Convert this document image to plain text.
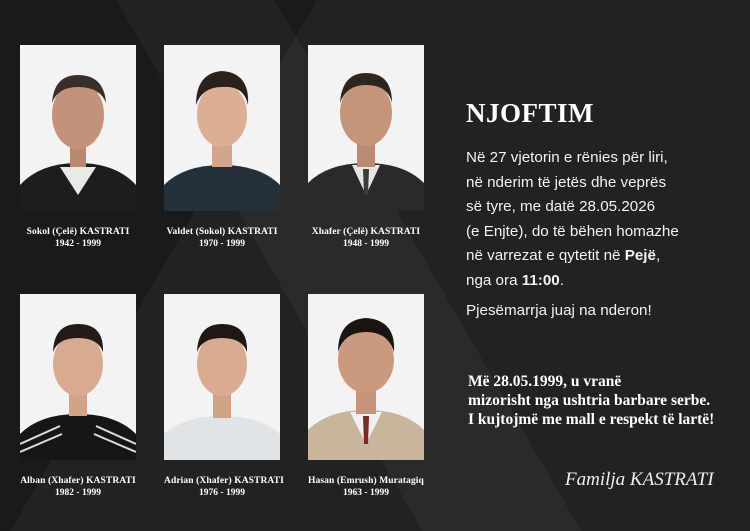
Sokol (Çelë) KASTRATI
1942 - 1999
Valdet (Sokol) KASTRATI
1970 - 1999
Xhafer (Çelë) KASTRATI
1948 - 1999
Alban (Xhafer) KASTRATI
1982 - 1999
Adrian (Xhafer) KASTRATI
1976 - 1999
Hasan (Emrush) Muratagiq
1963 - 1999
NJOFTIM
Në 27 vjetorin e rënies për liri,
në nderim të jetës dhe veprës
së tyre, me datë 28.05.2026
(e Enjte), do të bëhen homazhe
në varrezat e qytetit në Pejë,
nga ora 11:00.
Pjesëmarrja juaj na nderon!
Më 28.05.1999, u vranë
mizorisht nga ushtria barbare serbe.
I kujtojmë me mall e respekt të lartë!
Familja KASTRATI
